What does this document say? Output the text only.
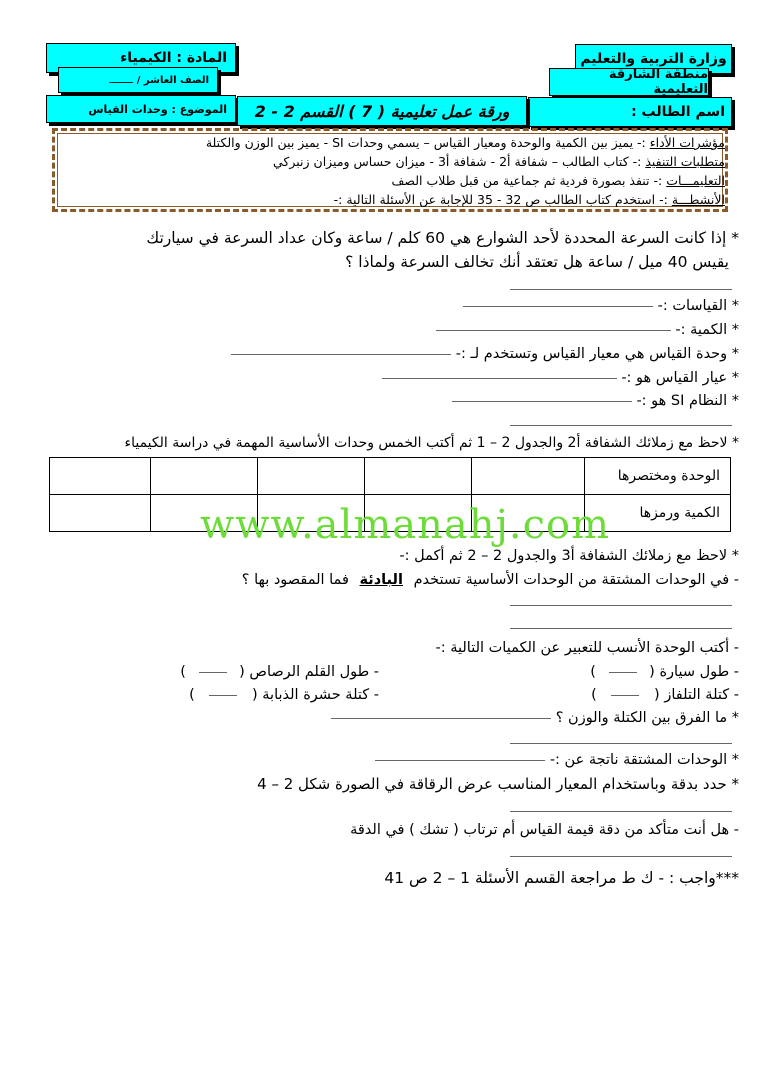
وزارة التربية والتعليم
منطقة الشارقة التعليمية
اسم الطالب :
المادة : الكيمياء
الصف العاشر /
ــــــــ
الموضوع : وحدات القياس ورقة عمل تعليمية ( 7 ) القسم 2 - 2
مؤشرات الأداء :- يميز بين الكمية والوحدة ومعيار القياس – يسمي وحدات SI - يميز بين الوزن والكتلة
متطلبات التنفيذ :- كتاب الطالب – شفافة أ2 - شفافة أ3 - ميزان حساس وميزان زنبركي
التعليمـــات :- تنفذ بصورة فردية ثم جماعية من قبل طلاب الصف
الأنشطـــة :- استخدم كتاب الطالب ص 32 - 35 للإجابة عن الأسئلة التالية :-
* إذا كانت السرعة المحددة لأحد الشوارع هي 60 كلم / ساعة وكان عداد السرعة في سيارتك
يقيس 40 ميل / ساعة هل تعتقد أنك تخالف السرعة ولماذا ؟
* القياسات :-
* الكمية :-
* وحدة القياس هي معيار القياس وتستخدم لـ :-
* عيار القياس هو :-
* النظام SI هو :-
* لاحظ مع زملائك الشفافة أ2 والجدول 2 – 1 ثم أكتب الخمس وحدات الأساسية المهمة في دراسة الكيمياء
الوحدة ومختصرها					
الكمية ورمزها					
www.almanahj.com
* لاحظ مع زملائك الشفافة أ3 والجدول 2 – 2 ثم أكمل :-
- في الوحدات المشتقة من الوحدات الأساسية تستخدم البادئة فما المقصود بها ؟
- أكتب الوحدة الأنسب للتعبير عن الكميات التالية :-
- طول سيارة (  )
- طول القلم الرصاص (  )
- كتلة التلفاز (  )
- كتلة حشرة الذبابة (  )
* ما الفرق بين الكتلة والوزن ؟
* الوحدات المشتقة ناتجة عن :-
* حدد بدقة وباستخدام المعيار المناسب عرض الرقاقة في الصورة شكل 2 – 4
- هل أنت متأكد من دقة قيمة القياس أم ترتاب ( تشك ) في الدقة
***واجب : - ك ط مراجعة القسم الأسئلة 1 – 2 ص 41
